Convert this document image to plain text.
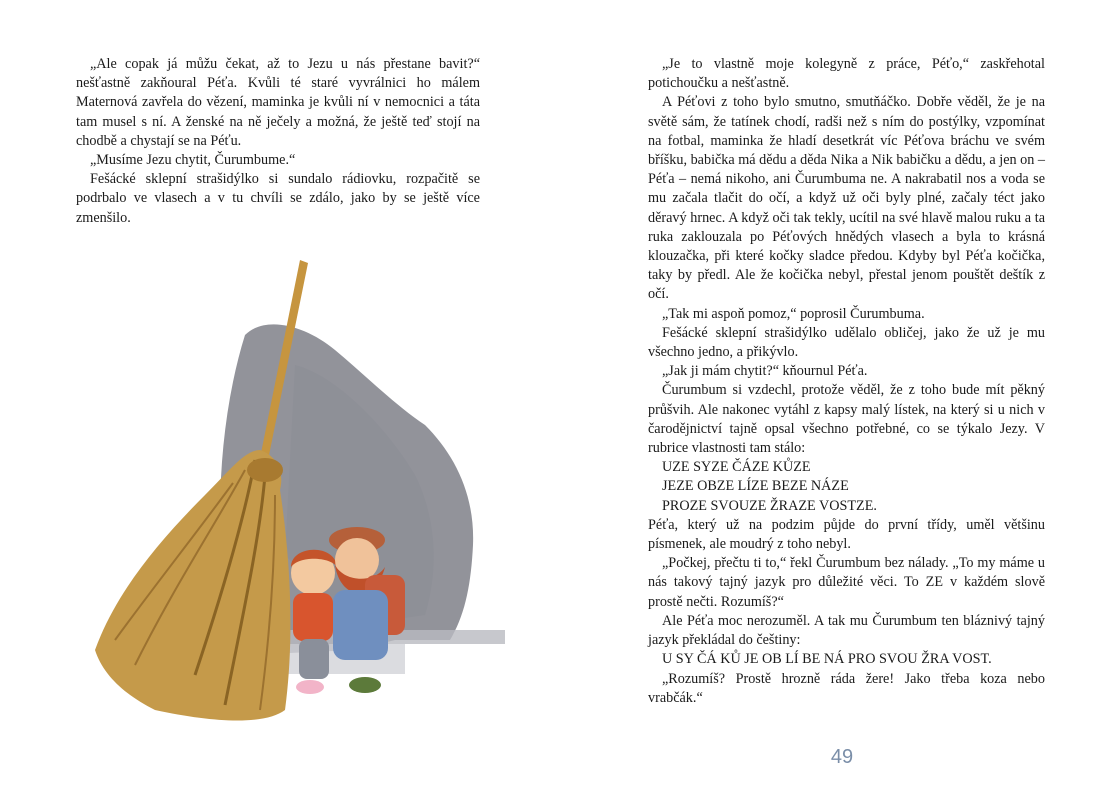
„Ale copak já můžu čekat, až to Jezu u nás přestane bavit?“ nešťastně zakňoural Péťa. Kvůli té staré vyvrálnici ho málem Maternová zavřela do vězení, maminka je kvůli ní v nemocnici a táta tam musel s ní. A ženské na ně ječely a možná, že ještě teď stojí na chodbě a chystají se na Péťu.

„Musíme Jezu chytit, Čurumbume.“

Fešácké sklepní strašidýlko si sundalo rádiovku, rozpačitě se podrbalo ve vlasech a v tu chvíli se zdálo, jako by se ještě více zmenšilo.

„Je to vlastně moje kolegyně z práce, Péťo,“ zaskřehotal potichoučku a nešťastně.

A Péťovi z toho bylo smutno, smutňáčko. Dobře věděl, že je na světě sám, že tatínek chodí, radši než s ním do postýlky, vzpomínat na fotbal, maminka že hladí desetkrát víc Péťova bráchu ve svém bříšku, babička má dědu a děda Nika a Nik babičku a dědu, a jen on – Péťa – nemá nikoho, ani Čurumbuma ne. A nakrabatil nos a voda se mu začala tlačit do očí, a když už oči byly plné, začaly téct jako děravý hrnec. A když oči tak tekly, ucítil na své hlavě malou ruku a ta ruka zaklouzala po Péťových hnědých vlasech a byla to krásná klouzačka, při které kočky sladce předou. Kdyby byl Péťa kočička, taky by předl. Ale že kočička nebyl, přestal jenom pouštět deštík z očí.

„Tak mi aspoň pomoz,“ poprosil Čurumbuma.

Fešácké sklepní strašidýlko udělalo obličej, jako že už je mu všechno jedno, a přikývlo.

„Jak ji mám chytit?“ kňournul Péťa.

Čurumbum si vzdechl, protože věděl, že z toho bude mít pěkný průšvih. Ale nakonec vytáhl z kapsy malý lístek, na který si u nich v čarodějnictví tajně opsal všechno potřebné, co se týkalo Jezy. V rubrice vlastnosti tam stálo:

UZE SYZE ČÁZE KŮZE

JEZE OBZE LÍZE BEZE NÁZE

PROZE SVOUZE ŽRAZE VOSTZE.

Péťa, který už na podzim půjde do první třídy, uměl většinu písmenek, ale moudrý z toho nebyl.

„Počkej, přečtu ti to,“ řekl Čurumbum bez nálady. „To my máme u nás takový tajný jazyk pro důležité věci. To ZE v každém slově prostě nečti. Rozumíš?“

Ale Péťa moc nerozuměl. A tak mu Čurumbum ten bláznivý tajný jazyk překládal do češtiny:

U SY ČÁ KŮ JE OB LÍ BE NÁ PRO SVOU ŽRA VOST.

„Rozumíš? Prostě hrozně ráda žere! Jako třeba koza nebo vrabčák.“

49
